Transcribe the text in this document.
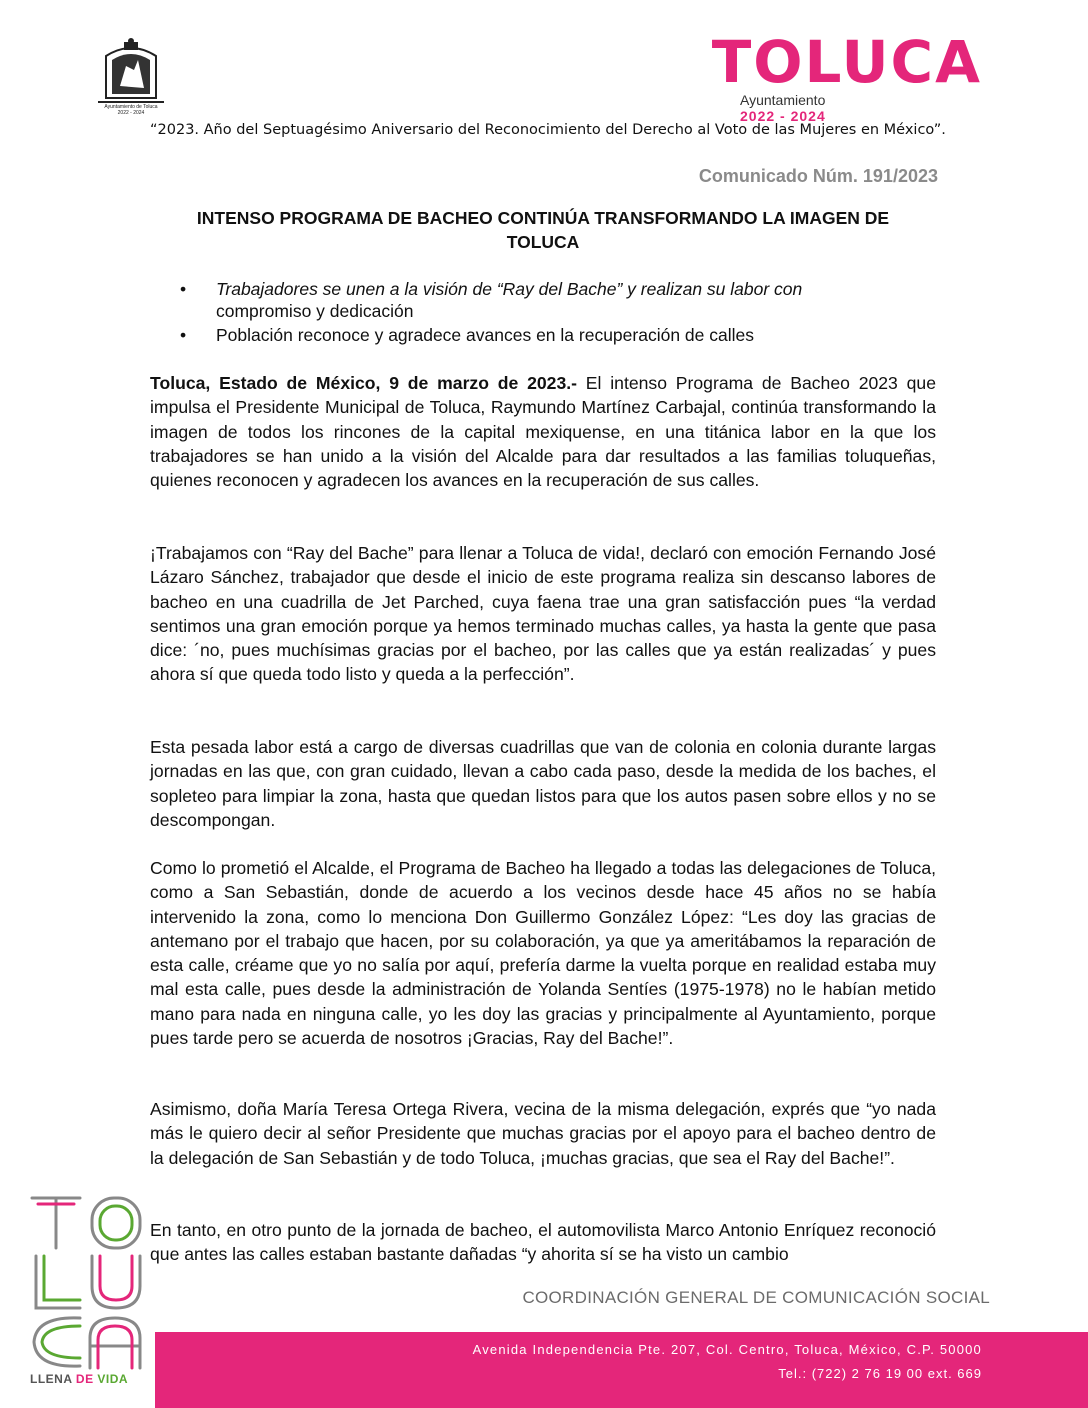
Ayuntamiento de Toluca
2022 - 2024
TOLUCA
Ayuntamiento
2022 - 2024
“2023. Año del Septuagésimo Aniversario del Reconocimiento del Derecho al Voto de las Mujeres en México”.
Comunicado Núm. 191/2023
INTENSO PROGRAMA DE BACHEO CONTINÚA TRANSFORMANDO LA IMAGEN DE
TOLUCA
• Trabajadores se unen a la visión de “Ray del Bache” y realizan su labor con
compromiso y dedicación
• Población reconoce y agradece avances en la recuperación de calles

Toluca, Estado de México, 9 de marzo de 2023.- El intenso Programa de Bacheo 2023 que impulsa el Presidente Municipal de Toluca, Raymundo Martínez Carbajal, continúa transformando la imagen de todos los rincones de la capital mexiquense, en una titánica labor en la que los trabajadores se han unido a la visión del Alcalde para dar resultados a las familias toluqueñas, quienes reconocen y agradecen los avances en la recuperación de sus calles.

¡Trabajamos con “Ray del Bache” para llenar a Toluca de vida!, declaró con emoción Fernando José Lázaro Sánchez, trabajador que desde el inicio de este programa realiza sin descanso labores de bacheo en una cuadrilla de Jet Parched, cuya faena trae una gran satisfacción pues “la verdad sentimos una gran emoción porque ya hemos terminado muchas calles, ya hasta la gente que pasa dice: ´no, pues muchísimas gracias por el bacheo, por las calles que ya están realizadas´ y pues ahora sí que queda todo listo y queda a la perfección”.

Esta pesada labor está a cargo de diversas cuadrillas que van de colonia en colonia durante largas jornadas en las que, con gran cuidado, llevan a cabo cada paso, desde la medida de los baches, el sopleteo para limpiar la zona, hasta que quedan listos para que los autos pasen sobre ellos y no se descompongan.

Como lo prometió el Alcalde, el Programa de Bacheo ha llegado a todas las delegaciones de Toluca, como a San Sebastián, donde de acuerdo a los vecinos desde hace 45 años no se había intervenido la zona, como lo menciona Don Guillermo González López: “Les doy las gracias de antemano por el trabajo que hacen, por su colaboración, ya que ya ameritábamos la reparación de esta calle, créame que yo no salía por aquí, prefería darme la vuelta porque en realidad estaba muy mal esta calle, pues desde la administración de Yolanda Sentíes (1975-1978) no le habían metido mano para nada en ninguna calle, yo les doy las gracias y principalmente al Ayuntamiento, porque pues tarde pero se acuerda de nosotros ¡Gracias, Ray del Bache!”.

Asimismo, doña María Teresa Ortega Rivera, vecina de la misma delegación, exprés que “yo nada más le quiero decir al señor Presidente que muchas gracias por el apoyo para el bacheo dentro de la delegación de San Sebastián y de todo Toluca, ¡muchas gracias, que sea el Ray del Bache!”.

En tanto, en otro punto de la jornada de bacheo, el automovilista Marco Antonio Enríquez reconoció que antes las calles estaban bastante dañadas “y ahorita sí se ha visto un cambio

COORDINACIÓN GENERAL DE COMUNICACIÓN SOCIAL
Avenida Independencia Pte. 207, Col. Centro, Toluca, México, C.P. 50000
Tel.: (722) 2 76 19 00 ext. 669
LLENA DE VIDA
